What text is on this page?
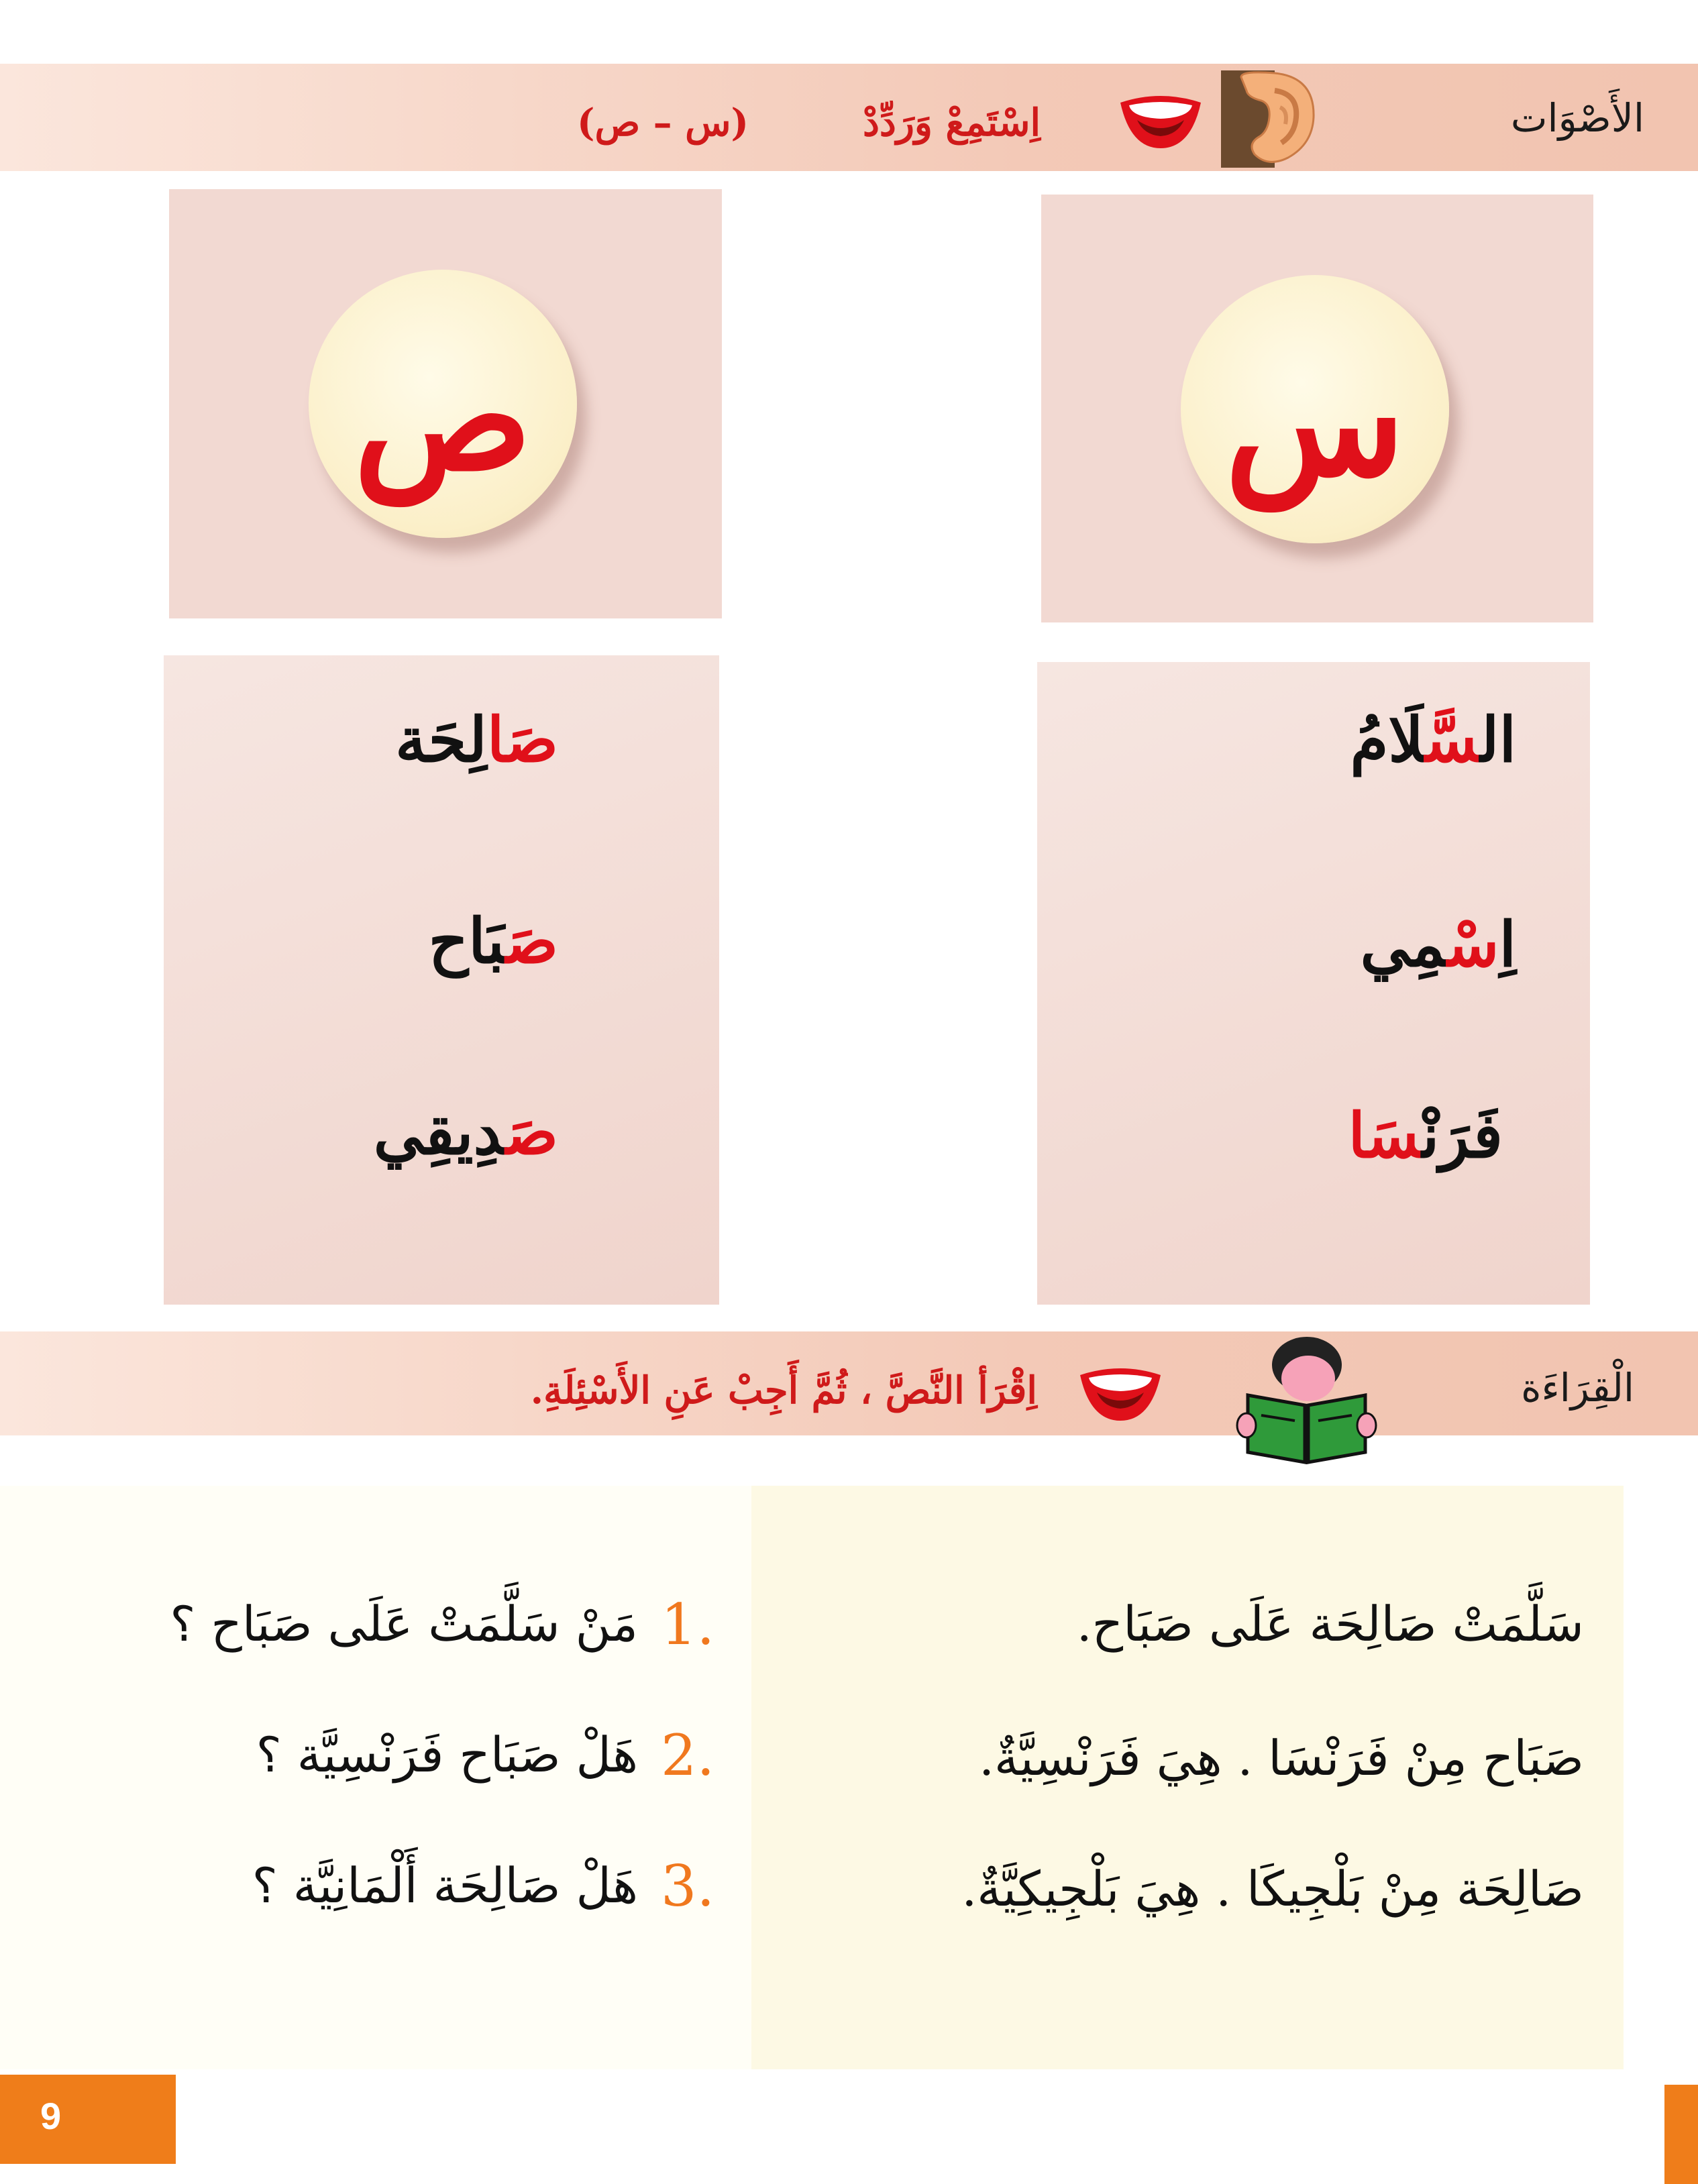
الأَصْوَات
اِسْتَمِعْ وَرَدِّدْ
(س – ص)
س
ص
السَّلَامُ
اِسْمِي
فَرَنْسَا
صَالِحَة
صَبَاح
صَدِيقِي
الْقِرَاءَة
اِقْرَأ النَّصَّ ، ثُمَّ أَجِبْ عَنِ الأَسْئِلَةِ.
سَلَّمَتْ صَالِحَة عَلَى صَبَاح.
صَبَاح مِنْ فَرَنْسَا . هِيَ فَرَنْسِيَّةٌ.
صَالِحَة مِنْ بَلْجِيكَا . هِيَ بَلْجِيكِيَّةٌ.
1.
مَنْ سَلَّمَتْ عَلَى صَبَاح ؟
2.
هَلْ صَبَاح فَرَنْسِيَّة ؟
3.
هَلْ صَالِحَة أَلْمَانِيَّة ؟
9
